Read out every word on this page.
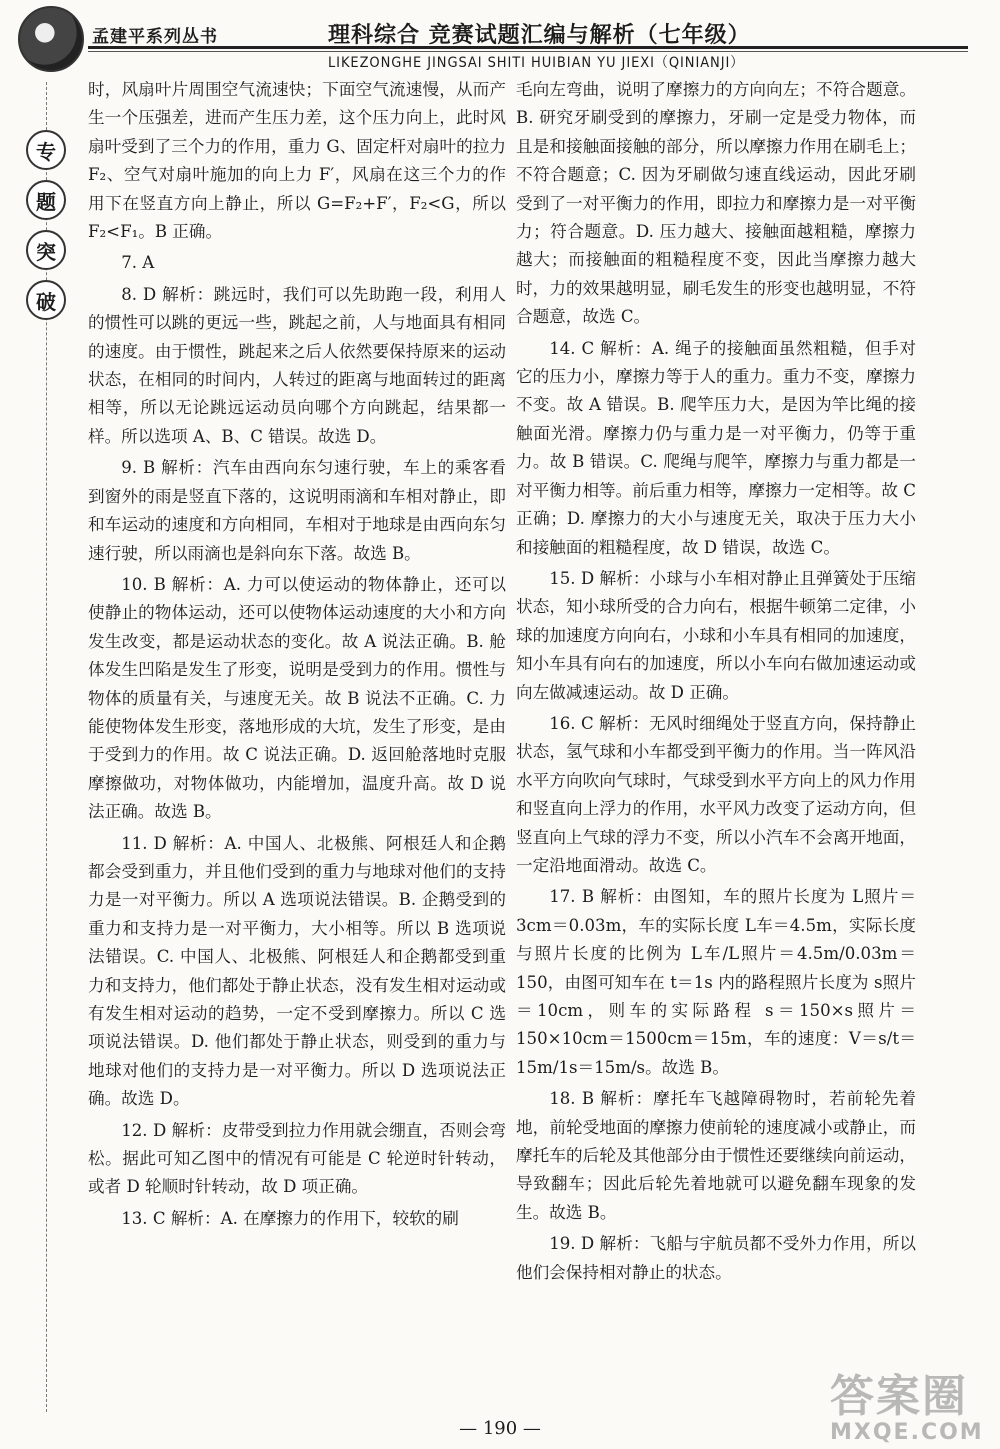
孟建平系列丛书	理科综合 竞赛试题汇编与解析（七年级）
LIKEZONGHE JINGSAI SHITI HUIBIAN YU JIEXI（QINIANJI）
专
题
突
破

时，风扇叶片周围空气流速快；下面空气流速慢，从而产生一个压强差，进而产生压力差，这个压力向上，此时风扇叶受到了三个力的作用，重力 G、固定杆对扇叶的拉力 F₂、空气对扇叶施加的向上力 F′，风扇在这三个力的作用下在竖直方向上静止，所以 G=F₂+F′，F₂<G，所以 F₂<F₁。B 正确。

7. A

8. D 解析：跳远时，我们可以先助跑一段，利用人的惯性可以跳的更远一些，跳起之前，人与地面具有相同的速度。由于惯性，跳起来之后人依然要保持原来的运动状态，在相同的时间内，人转过的距离与地面转过的距离相等，所以无论跳远运动员向哪个方向跳起，结果都一样。所以选项 A、B、C 错误。故选 D。

9. B 解析：汽车由西向东匀速行驶，车上的乘客看到窗外的雨是竖直下落的，这说明雨滴和车相对静止，即和车运动的速度和方向相同，车相对于地球是由西向东匀速行驶，所以雨滴也是斜向东下落。故选 B。

10. B 解析：A. 力可以使运动的物体静止，还可以使静止的物体运动，还可以使物体运动速度的大小和方向发生改变，都是运动状态的变化。故 A 说法正确。B. 舱体发生凹陷是发生了形变，说明是受到力的作用。惯性与物体的质量有关，与速度无关。故 B 说法不正确。C. 力能使物体发生形变，落地形成的大坑，发生了形变，是由于受到力的作用。故 C 说法正确。D. 返回舱落地时克服摩擦做功，对物体做功，内能增加，温度升高。故 D 说法正确。故选 B。

11. D 解析：A. 中国人、北极熊、阿根廷人和企鹅都会受到重力，并且他们受到的重力与地球对他们的支持力是一对平衡力。所以 A 选项说法错误。B. 企鹅受到的重力和支持力是一对平衡力，大小相等。所以 B 选项说法错误。C. 中国人、北极熊、阿根廷人和企鹅都受到重力和支持力，他们都处于静止状态，没有发生相对运动或有发生相对运动的趋势，一定不受到摩擦力。所以 C 选项说法错误。D. 他们都处于静止状态，则受到的重力与地球对他们的支持力是一对平衡力。所以 D 选项说法正确。故选 D。

12. D 解析：皮带受到拉力作用就会绷直，否则会弯松。据此可知乙图中的情况有可能是 C 轮逆时针转动，或者 D 轮顺时针转动，故 D 项正确。

13. C 解析：A. 在摩擦力的作用下，较软的刷

毛向左弯曲，说明了摩擦力的方向向左；不符合题意。B. 研究牙刷受到的摩擦力，牙刷一定是受力物体，而且是和接触面接触的部分，所以摩擦力作用在刷毛上；不符合题意；C. 因为牙刷做匀速直线运动，因此牙刷受到了一对平衡力的作用，即拉力和摩擦力是一对平衡力；符合题意。D. 压力越大、接触面越粗糙，摩擦力越大；而接触面的粗糙程度不变，因此当摩擦力越大时，力的效果越明显，刷毛发生的形变也越明显，不符合题意，故选 C。

14. C 解析：A. 绳子的接触面虽然粗糙，但手对它的压力小，摩擦力等于人的重力。重力不变，摩擦力不变。故 A 错误。B. 爬竿压力大，是因为竿比绳的接触面光滑。摩擦力仍与重力是一对平衡力，仍等于重力。故 B 错误。C. 爬绳与爬竿，摩擦力与重力都是一对平衡力相等。前后重力相等，摩擦力一定相等。故 C 正确；D. 摩擦力的大小与速度无关，取决于压力大小和接触面的粗糙程度，故 D 错误，故选 C。

15. D 解析：小球与小车相对静止且弹簧处于压缩状态，知小球所受的合力向右，根据牛顿第二定律，小球的加速度方向向右，小球和小车具有相同的加速度，知小车具有向右的加速度，所以小车向右做加速运动或向左做减速运动。故 D 正确。

16. C 解析：无风时细绳处于竖直方向，保持静止状态，氢气球和小车都受到平衡力的作用。当一阵风沿水平方向吹向气球时，气球受到水平方向上的风力作用和竖直向上浮力的作用，水平风力改变了运动方向，但竖直向上气球的浮力不变，所以小汽车不会离开地面，一定沿地面滑动。故选 C。

17. B 解析：由图知，车的照片长度为 L照片＝3cm＝0.03m，车的实际长度 L车＝4.5m，实际长度与照片长度的比例为 L车/L照片＝4.5m/0.03m＝150，由图可知车在 t＝1s 内的路程照片长度为 s照片＝10cm，则车的实际路程 s＝150×s照片＝150×10cm＝1500cm＝15m，车的速度：V＝s/t＝15m/1s＝15m/s。故选 B。

18. B 解析：摩托车飞越障碍物时，若前轮先着地，前轮受地面的摩擦力使前轮的速度减小或静止，而摩托车的后轮及其他部分由于惯性还要继续向前运动，导致翻车；因此后轮先着地就可以避免翻车现象的发生。故选 B。

19. D 解析：飞船与宇航员都不受外力作用，所以他们会保持相对静止的状态。

— 190 —
答案圈
MXQE.COM
